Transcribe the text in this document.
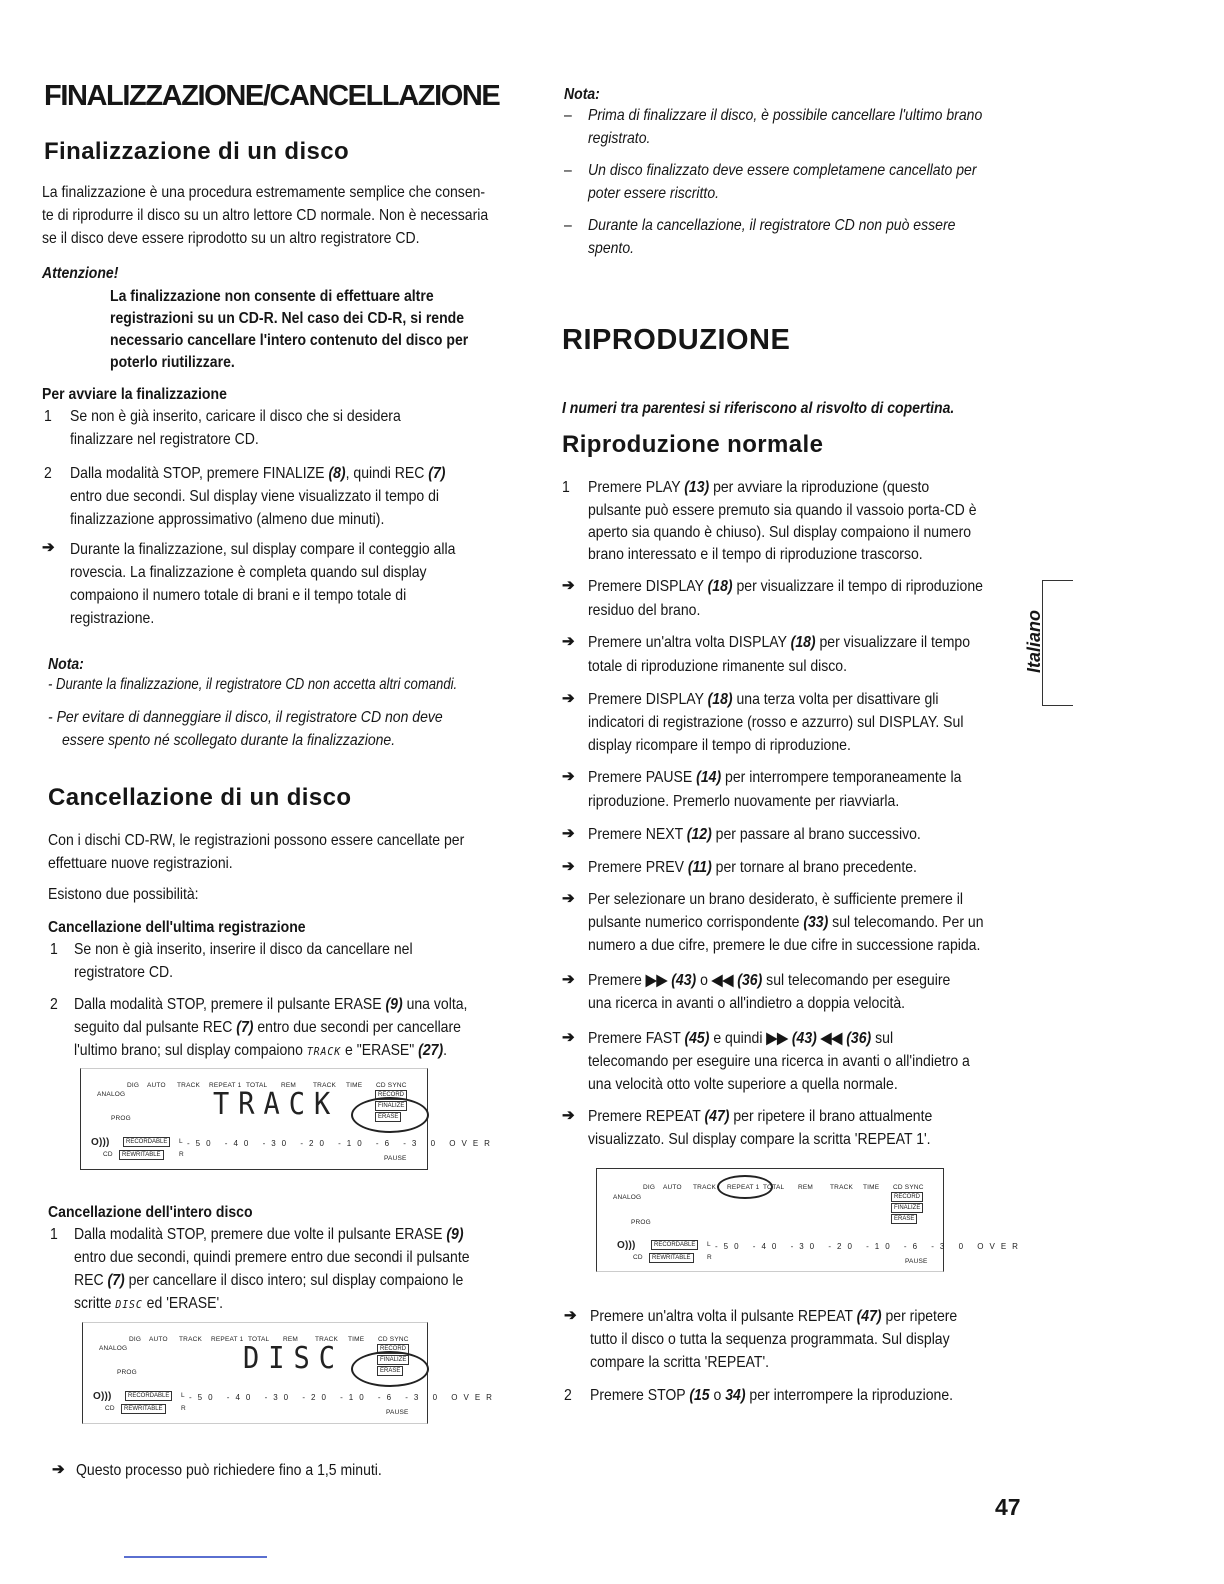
FINALIZZAZIONE/CANCELLAZIONE
Finalizzazione di un disco
La finalizzazione è una procedura estremamente semplice che consen-
te di riprodurre il disco su un altro lettore CD normale. Non è necessaria
se il disco deve essere riprodotto su un altro registratore CD.
Attenzione!
La finalizzazione non consente di effettuare altre
registrazioni su un CD-R. Nel caso dei CD-R, si rende
necessario cancellare l'intero contenuto del disco per
poterlo riutilizzare.
Per avviare la finalizzazione
1 Se non è già inserito, caricare il disco che si desidera
finalizzare nel registratore CD.
2 Dalla modalità STOP, premere FINALIZE (8), quindi REC (7)
entro due secondi. Sul display viene visualizzato il tempo di
finalizzazione approssimativo (almeno due minuti).
➔ Durante la finalizzazione, sul display compare il conteggio alla
rovescia. La finalizzazione è completa quando sul display
compaiono il numero totale di brani e il tempo totale di
registrazione.
Nota:
- Durante la finalizzazione, il registratore CD non accetta altri comandi.
- Per evitare di danneggiare il disco, il registratore CD non deve
essere spento né scollegato durante la finalizzazione.
Cancellazione di un disco
Con i dischi CD-RW, le registrazioni possono essere cancellate per
effettuare nuove registrazioni.
Esistono due possibilità:
Cancellazione dell'ultima registrazione
1 Se non è già inserito, inserire il disco da cancellare nel
registratore CD.
2 Dalla modalità STOP, premere il pulsante ERASE (9) una volta,
seguito dal pulsante REC (7) entro due secondi per cancellare
l'ultimo brano; sul display compaiono TRACK e "ERASE" (27).
Cancellazione dell'intero disco
1 Dalla modalità STOP, premere due volte il pulsante ERASE (9)
entro due secondi, quindi premere entro due secondi il pulsante
REC (7) per cancellare il disco intero; sul display compaiono le
scritte DISC ed 'ERASE'.
➔ Questo processo può richiedere fino a 1,5 minuti.
DIG AUTO TRACK REPEAT 1 TOTAL REM	TRACK TIME CD SYNC
ANALOG
PROG	TRACK	RECORD
FINALIZE
ERASE
O)))	RECORDABLE	L -50 -40 -30 -20 -10 -6 -3 0 OVER
CD	REWRITABLE	R
PAUSE
DIG AUTO TRACK REPEAT 1 TOTAL REM	TRACK TIME CD SYNC
ANALOG
PROG	DISC	RECORD
FINALIZE
ERASE
O)))	RECORDABLE	L -50 -40 -30 -20 -10 -6 -3 0 OVER
CD	REWRITABLE	R
PAUSE
Nota:
– Prima di finalizzare il disco, è possibile cancellare l'ultimo brano
registrato.
– Un disco finalizzato deve essere completamene cancellato per
poter essere riscritto.
– Durante la cancellazione, il registratore CD non può essere
spento.
RIPRODUZIONE
I numeri tra parentesi si riferiscono al risvolto di copertina.
Riproduzione normale
1 Premere PLAY (13) per avviare la riproduzione (questo
pulsante può essere premuto sia quando il vassoio porta-CD è
aperto sia quando è chiuso). Sul display compaiono il numero
brano interessato e il tempo di riproduzione trascorso.
➔ Premere DISPLAY (18) per visualizzare il tempo di riproduzione
residuo del brano.
➔ Premere un'altra volta DISPLAY (18) per visualizzare il tempo
totale di riproduzione rimanente sul disco.
➔ Premere DISPLAY (18) una terza volta per disattivare gli
indicatori di registrazione (rosso e azzurro) sul DISPLAY. Sul
display ricompare il tempo di riproduzione.
➔ Premere PAUSE (14) per interrompere temporaneamente la
riproduzione. Premerlo nuovamente per riavviarla.
➔ Premere NEXT (12) per passare al brano successivo.
➔ Premere PREV (11) per tornare al brano precedente.
➔ Per selezionare un brano desiderato, è sufficiente premere il
pulsante numerico corrispondente (33) sul telecomando. Per un
numero a due cifre, premere le due cifre in successione rapida.
➔ Premere ▶▶ (43) o ◀◀ (36) sul telecomando per eseguire
una ricerca in avanti o all'indietro a doppia velocità.
➔ Premere FAST (45) e quindi ▶▶ (43) ◀◀ (36) sul
telecomando per eseguire una ricerca in avanti o all'indietro a
una velocità otto volte superiore a quella normale.
➔ Premere REPEAT (47) per ripetere il brano attualmente
visualizzato. Sul display compare la scritta 'REPEAT 1'.
➔ Premere un'altra volta il pulsante REPEAT (47) per ripetere
tutto il disco o tutta la sequenza programmata. Sul display
compare la scritta 'REPEAT'.
2 Premere STOP (15 o 34) per interrompere la riproduzione.
DIG AUTO TRACK REPEAT 1 TOTAL REM	TRACK TIME CD SYNC
ANALOG
PROG
RECORD
FINALIZE
ERASE
O)))	RECORDABLE	L -50 -40 -30 -20 -10 -6 -3 0 OVER
CD	REWRITABLE	R
PAUSE
Italiano
47
